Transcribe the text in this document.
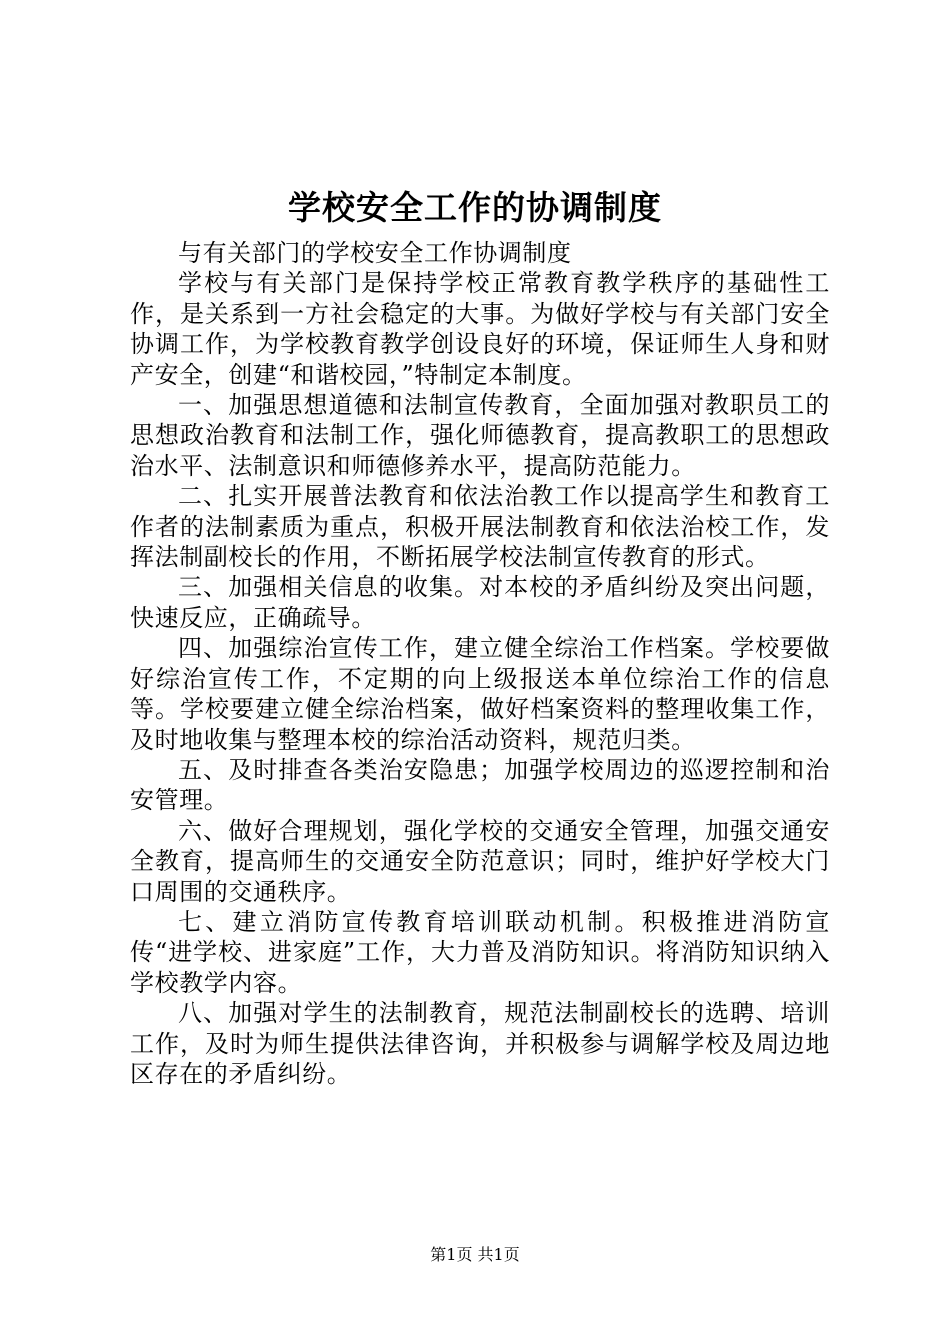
学校安全工作的协调制度

与有关部门的学校安全工作协调制度

学校与有关部门是保持学校正常教育教学秩序的基础性工作，是关系到一方社会稳定的大事。为做好学校与有关部门安全协调工作，为学校教育教学创设良好的环境，保证师生人身和财产安全，创建“和谐校园，”特制定本制度。

一、加强思想道德和法制宣传教育，全面加强对教职员工的思想政治教育和法制工作，强化师德教育，提高教职工的思想政治水平、法制意识和师德修养水平，提高防范能力。

二、扎实开展普法教育和依法治教工作以提高学生和教育工作者的法制素质为重点，积极开展法制教育和依法治校工作，发挥法制副校长的作用，不断拓展学校法制宣传教育的形式。

三、加强相关信息的收集。对本校的矛盾纠纷及突出问题，快速反应，正确疏导。

四、加强综治宣传工作，建立健全综治工作档案。学校要做好综治宣传工作，不定期的向上级报送本单位综治工作的信息等。学校要建立健全综治档案，做好档案资料的整理收集工作，及时地收集与整理本校的综治活动资料，规范归类。

五、及时排查各类治安隐患；加强学校周边的巡逻控制和治安管理。

六、做好合理规划，强化学校的交通安全管理，加强交通安全教育，提高师生的交通安全防范意识；同时，维护好学校大门口周围的交通秩序。

七、建立消防宣传教育培训联动机制。积极推进消防宣传“进学校、进家庭”工作，大力普及消防知识。将消防知识纳入学校教学内容。

八、加强对学生的法制教育，规范法制副校长的选聘、培训工作，及时为师生提供法律咨询，并积极参与调解学校及周边地区存在的矛盾纠纷。

第1页 共1页
